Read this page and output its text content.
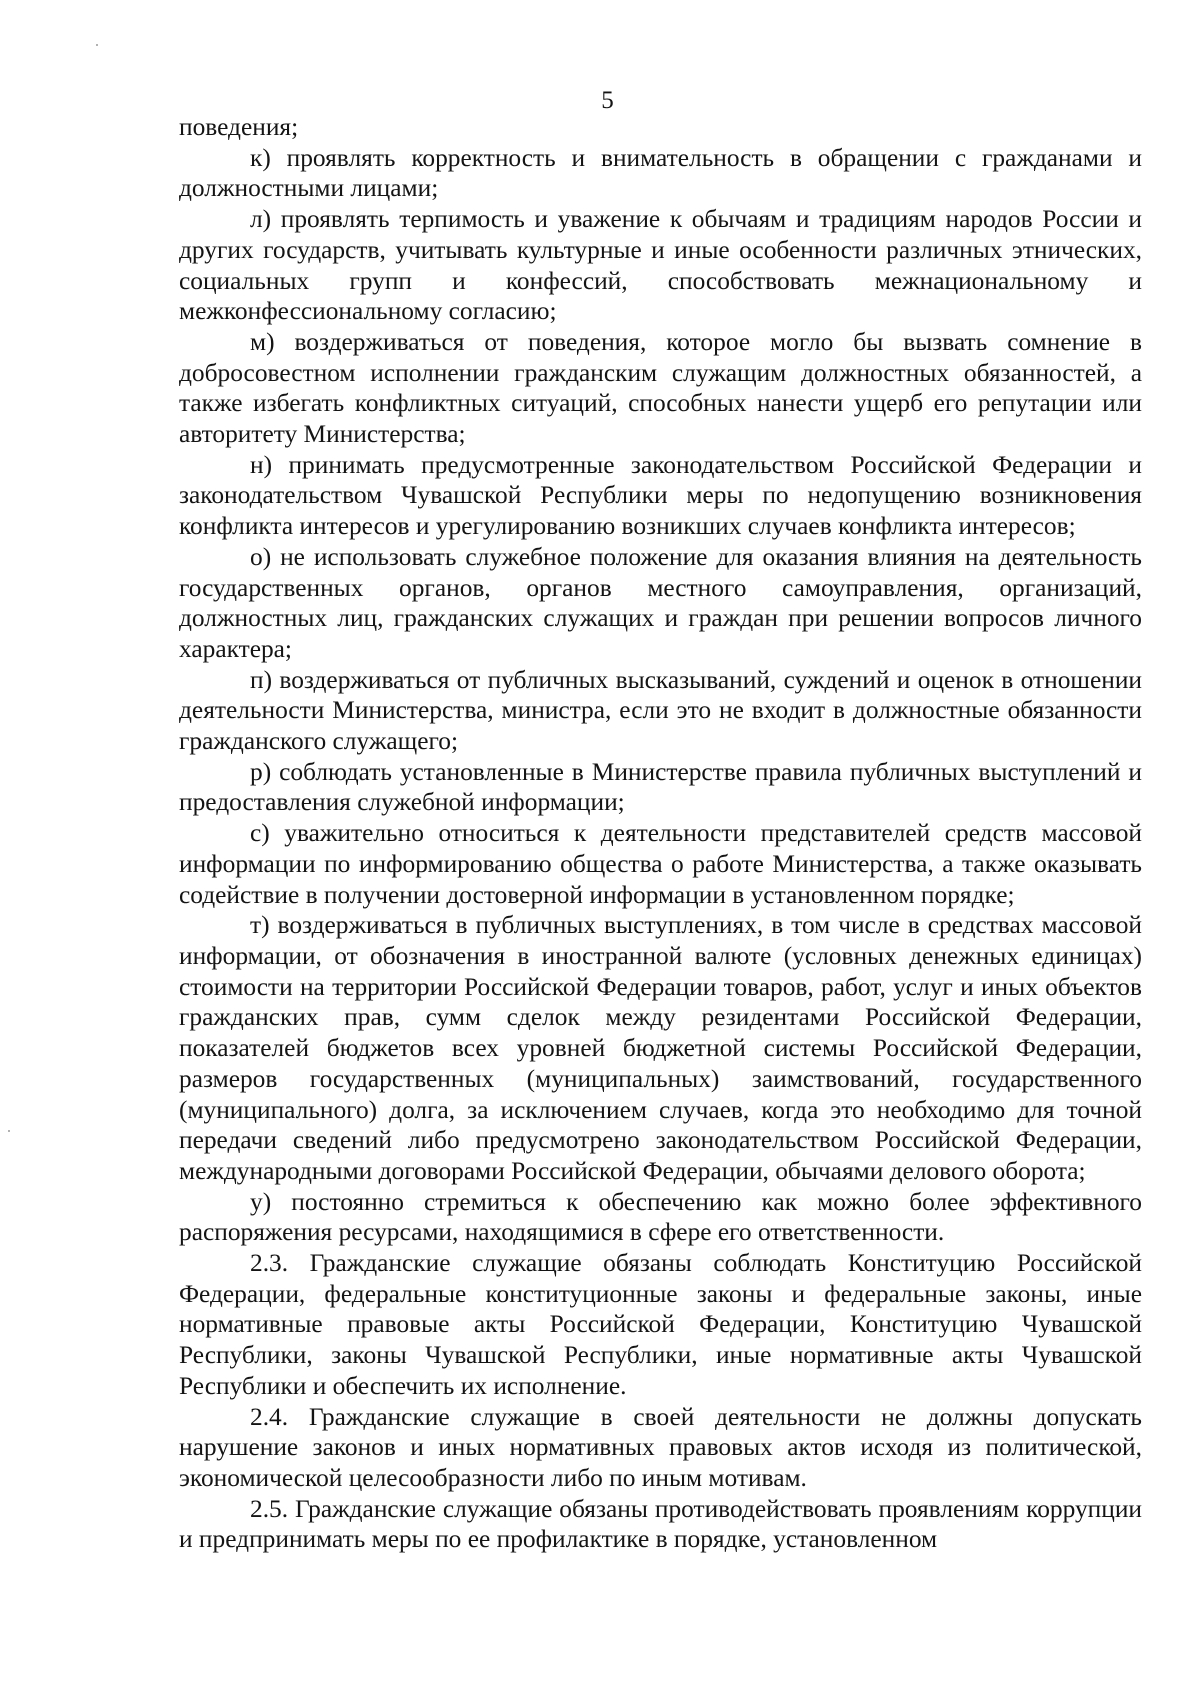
5

поведения;

к) проявлять корректность и внимательность в обращении с гражданами и должностными лицами;

л) проявлять терпимость и уважение к обычаям и традициям народов России и других государств, учитывать культурные и иные особенности различных этнических, социальных групп и конфессий, способствовать межнациональному и межконфессиональному согласию;

м) воздерживаться от поведения, которое могло бы вызвать сомнение в добросовестном исполнении гражданским служащим должностных обязанностей, а также избегать конфликтных ситуаций, способных нанести ущерб его репутации или авторитету Министерства;

н) принимать предусмотренные законодательством Российской Федерации и законодательством Чувашской Республики меры по недопущению возникновения конфликта интересов и урегулированию возникших случаев конфликта интересов;

о) не использовать служебное положение для оказания влияния на деятельность государственных органов, органов местного самоуправления, организаций, должностных лиц, гражданских служащих и граждан при решении вопросов личного характера;

п) воздерживаться от публичных высказываний, суждений и оценок в отношении деятельности Министерства, министра, если это не входит в должностные обязанности гражданского служащего;

р) соблюдать установленные в Министерстве правила публичных выступлений и предоставления служебной информации;

с) уважительно относиться к деятельности представителей средств массовой информации по информированию общества о работе Министерства, а также оказывать содействие в получении достоверной информации в установленном порядке;

т) воздерживаться в публичных выступлениях, в том числе в средствах массовой информации, от обозначения в иностранной валюте (условных денежных единицах) стоимости на территории Российской Федерации товаров, работ, услуг и иных объектов гражданских прав, сумм сделок между резидентами Российской Федерации, показателей бюджетов всех уровней бюджетной системы Российской Федерации, размеров государственных (муниципальных) заимствований, государственного (муниципального) долга, за исключением случаев, когда это необходимо для точной передачи сведений либо предусмотрено законодательством Российской Федерации, международными договорами Российской Федерации, обычаями делового оборота;

у) постоянно стремиться к обеспечению как можно более эффективного распоряжения ресурсами, находящимися в сфере его ответственности.

2.3. Гражданские служащие обязаны соблюдать Конституцию Российской Федерации, федеральные конституционные законы и федеральные законы, иные нормативные правовые акты Российской Федерации, Конституцию Чувашской Республики, законы Чувашской Республики, иные нормативные акты Чувашской Республики и обеспечить их исполнение.

2.4. Гражданские служащие в своей деятельности не должны допускать нарушение законов и иных нормативных правовых актов исходя из политической, экономической целесообразности либо по иным мотивам.

2.5. Гражданские служащие обязаны противодействовать проявлениям коррупции и предпринимать меры по ее профилактике в порядке, установленном
